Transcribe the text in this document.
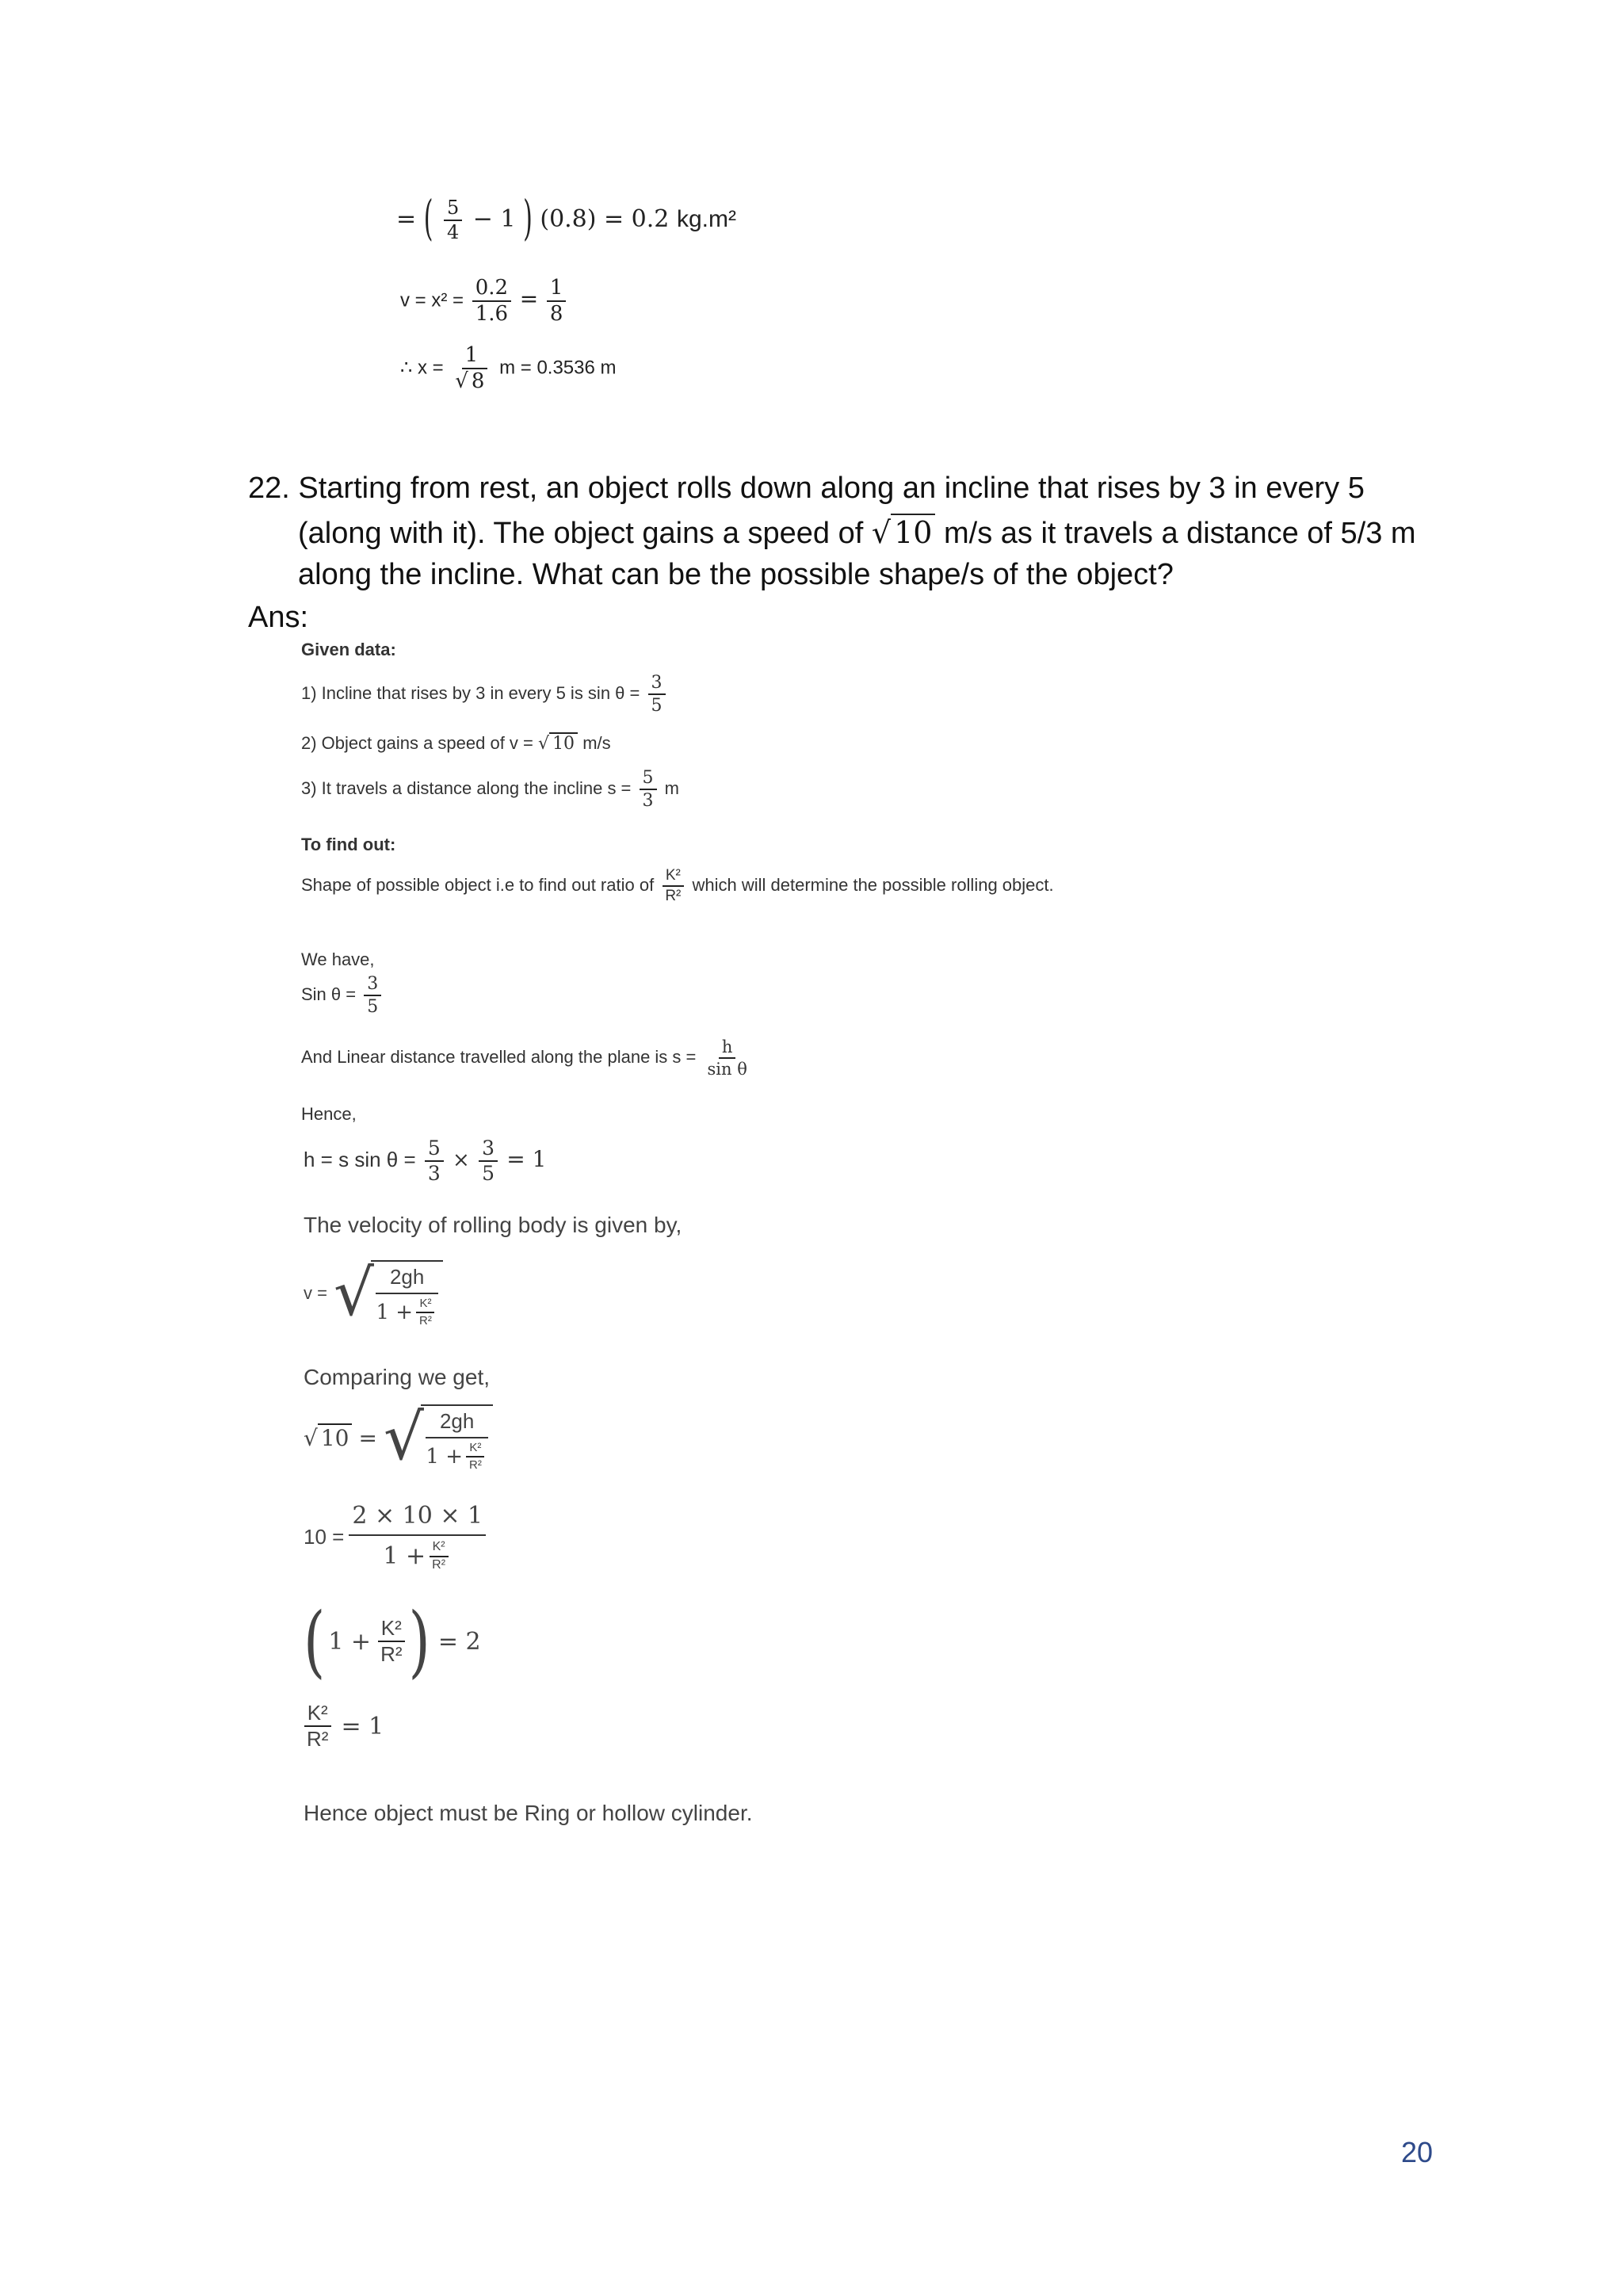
= ( $\frac{5}{4} - 1$ ) (0.8) = 0.2 kg.m²
$v = x^2 = \frac{0.2}{1.6} = \frac{1}{8}$
∴ $x = \frac{1}{√ 8}$ m = 0.3536 m
22. Starting from rest, an object rolls down along an incline that rises by 3 in every 5
(along with it). The object gains a speed of √ 10 m/s as it travels a distance of 5/3 m
along the incline. What can be the possible shape/s of the object?
Ans:
Given data:
1) Incline that rises by 3 in every 5 is $\sin \theta = \frac{3}{5}$
2) Object gains a speed of v = √ 10 m/s
3) It travels a distance along the incline $s = \frac{5}{3}$ m
To find out:
Shape of possible object i.e to find out ratio of $\frac{\text{K²}}{\text{R²}}$ which will determine the possible rolling object.
We have,
Sin $\theta = \frac{3}{5}$
And Linear distance travelled along the plane is $s = \frac{h}{\text{sin θ}}$
Hence,
h = s $\sin \theta = \frac{5}{3} \times \frac{3}{5} = 1$
The velocity of rolling body is given by,
v = √ 2gh
$1 + \frac{\text{K²}}{\text{R²}}$
Comparing we get,
√ 10 = √ 2gh
$1 + \frac{\text{K²}}{\text{R²}}$
$10 = \frac{2 \times 10 \times 1}{1 + \frac{\text{K²}}{\text{R²}}}$
( $1 + \frac{\text{K²}}{\text{R²}}$ ) = 2
$\frac{\text{K²}}{\text{R²}} = 1$
Hence object must be Ring or hollow cylinder.
20
